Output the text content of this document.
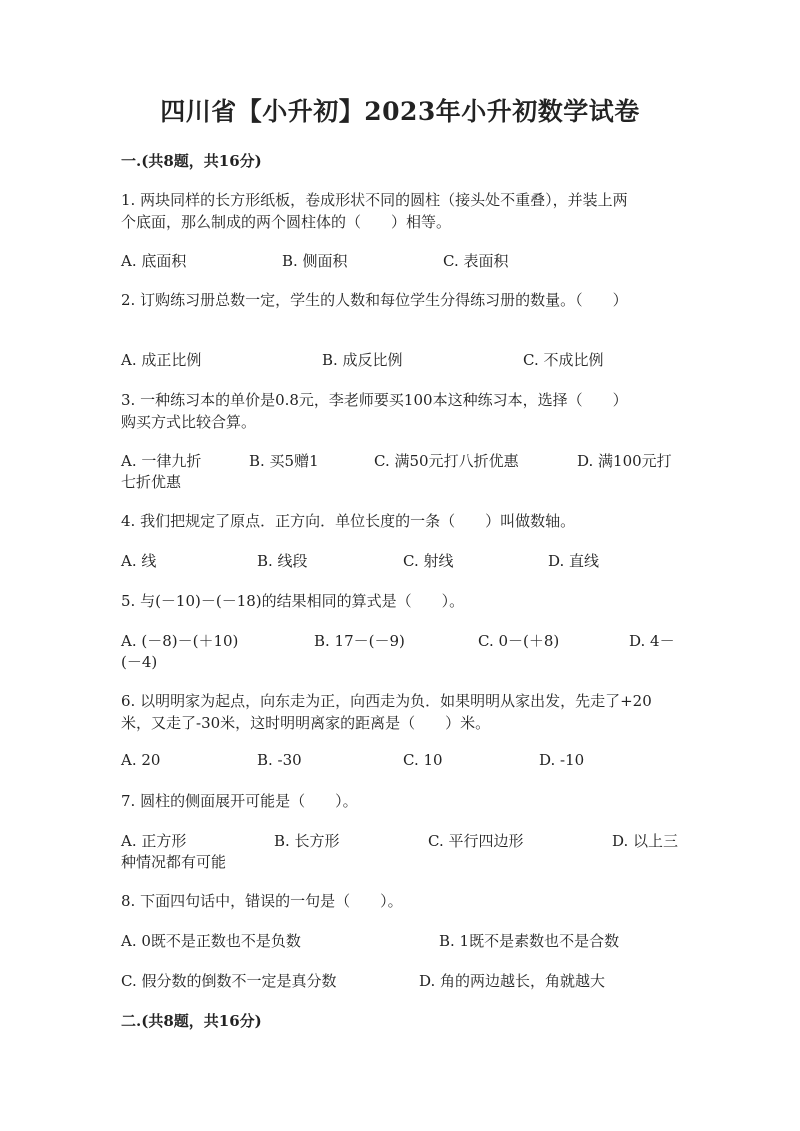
四川省【小升初】2023年小升初数学试卷
一.(共8题，共16分)
1. 两块同样的长方形纸板，卷成形状不同的圆柱（接头处不重叠），并装上两
个底面，那么制成的两个圆柱体的（　　）相等。
A. 底面积	B. 侧面积	C. 表面积
2. 订购练习册总数一定，学生的人数和每位学生分得练习册的数量。（　　）
A. 成正比例	B. 成反比例	C. 不成比例
3. 一种练习本的单价是0.8元，李老师要买100本这种练习本，选择（　　）
购买方式比较合算。
A. 一律九折	B. 买5赠1	C. 满50元打八折优惠	D. 满100元打
七折优惠
4. 我们把规定了原点．正方向．单位长度的一条（　　）叫做数轴。
A. 线	B. 线段	C. 射线	D. 直线
5. 与(－10)－(－18)的结果相同的算式是（　　）。
A. (－8)－(＋10)	B. 17－(－9)	C. 0－(＋8)	D. 4－
(－4)
6. 以明明家为起点，向东走为正，向西走为负．如果明明从家出发，先走了+20
米，又走了-30米，这时明明离家的距离是（　　）米。
A. 20	B. -30	C. 10	D. -10
7. 圆柱的侧面展开可能是（　　）。
A. 正方形	B. 长方形	C. 平行四边形	D. 以上三
种情况都有可能
8. 下面四句话中，错误的一句是（　　）。
A. 0既不是正数也不是负数	B. 1既不是素数也不是合数
C. 假分数的倒数不一定是真分数	D. 角的两边越长，角就越大
二.(共8题，共16分)
